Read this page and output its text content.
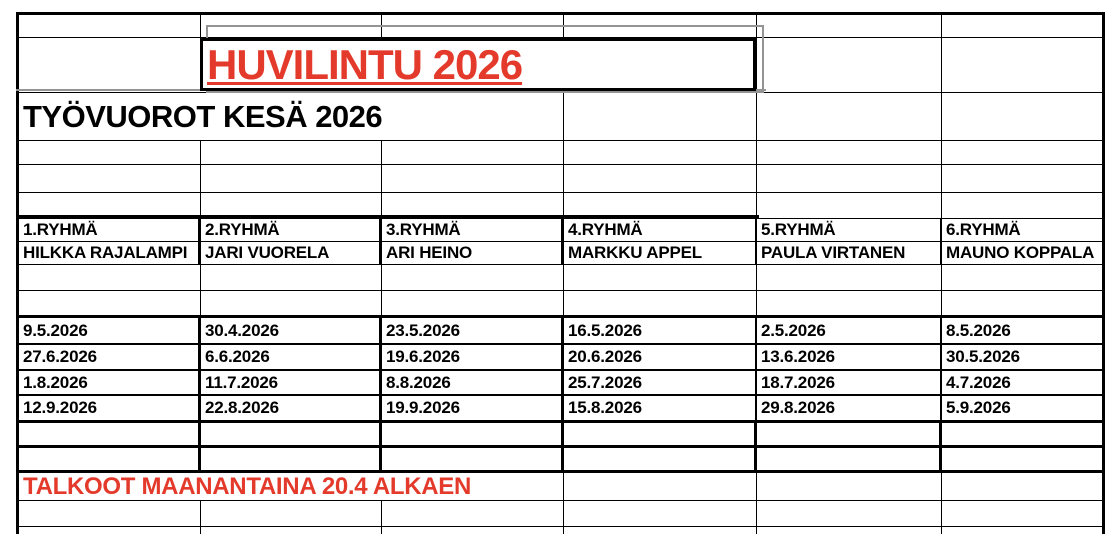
TYÖVUOROT KESÄ 2026
1.RYHMÄ	2.RYHMÄ	3.RYHMÄ	4.RYHMÄ	5.RYHMÄ	6.RYHMÄ
HILKKA RAJALAMPI	JARI VUORELA	ARI HEINO	MARKKU APPEL	PAULA VIRTANEN	MAUNO KOPPALA
9.5.2026	30.4.2026	23.5.2026	16.5.2026	2.5.2026	8.5.2026
27.6.2026	6.6.2026	19.6.2026	20.6.2026	13.6.2026	30.5.2026
1.8.2026	11.7.2026	8.8.2026	25.7.2026	18.7.2026	4.7.2026
12.9.2026	22.8.2026	19.9.2026	15.8.2026	29.8.2026	5.9.2026
TALKOOT MAANANTAINA 20.4 ALKAEN
HUVILINTU 2026
